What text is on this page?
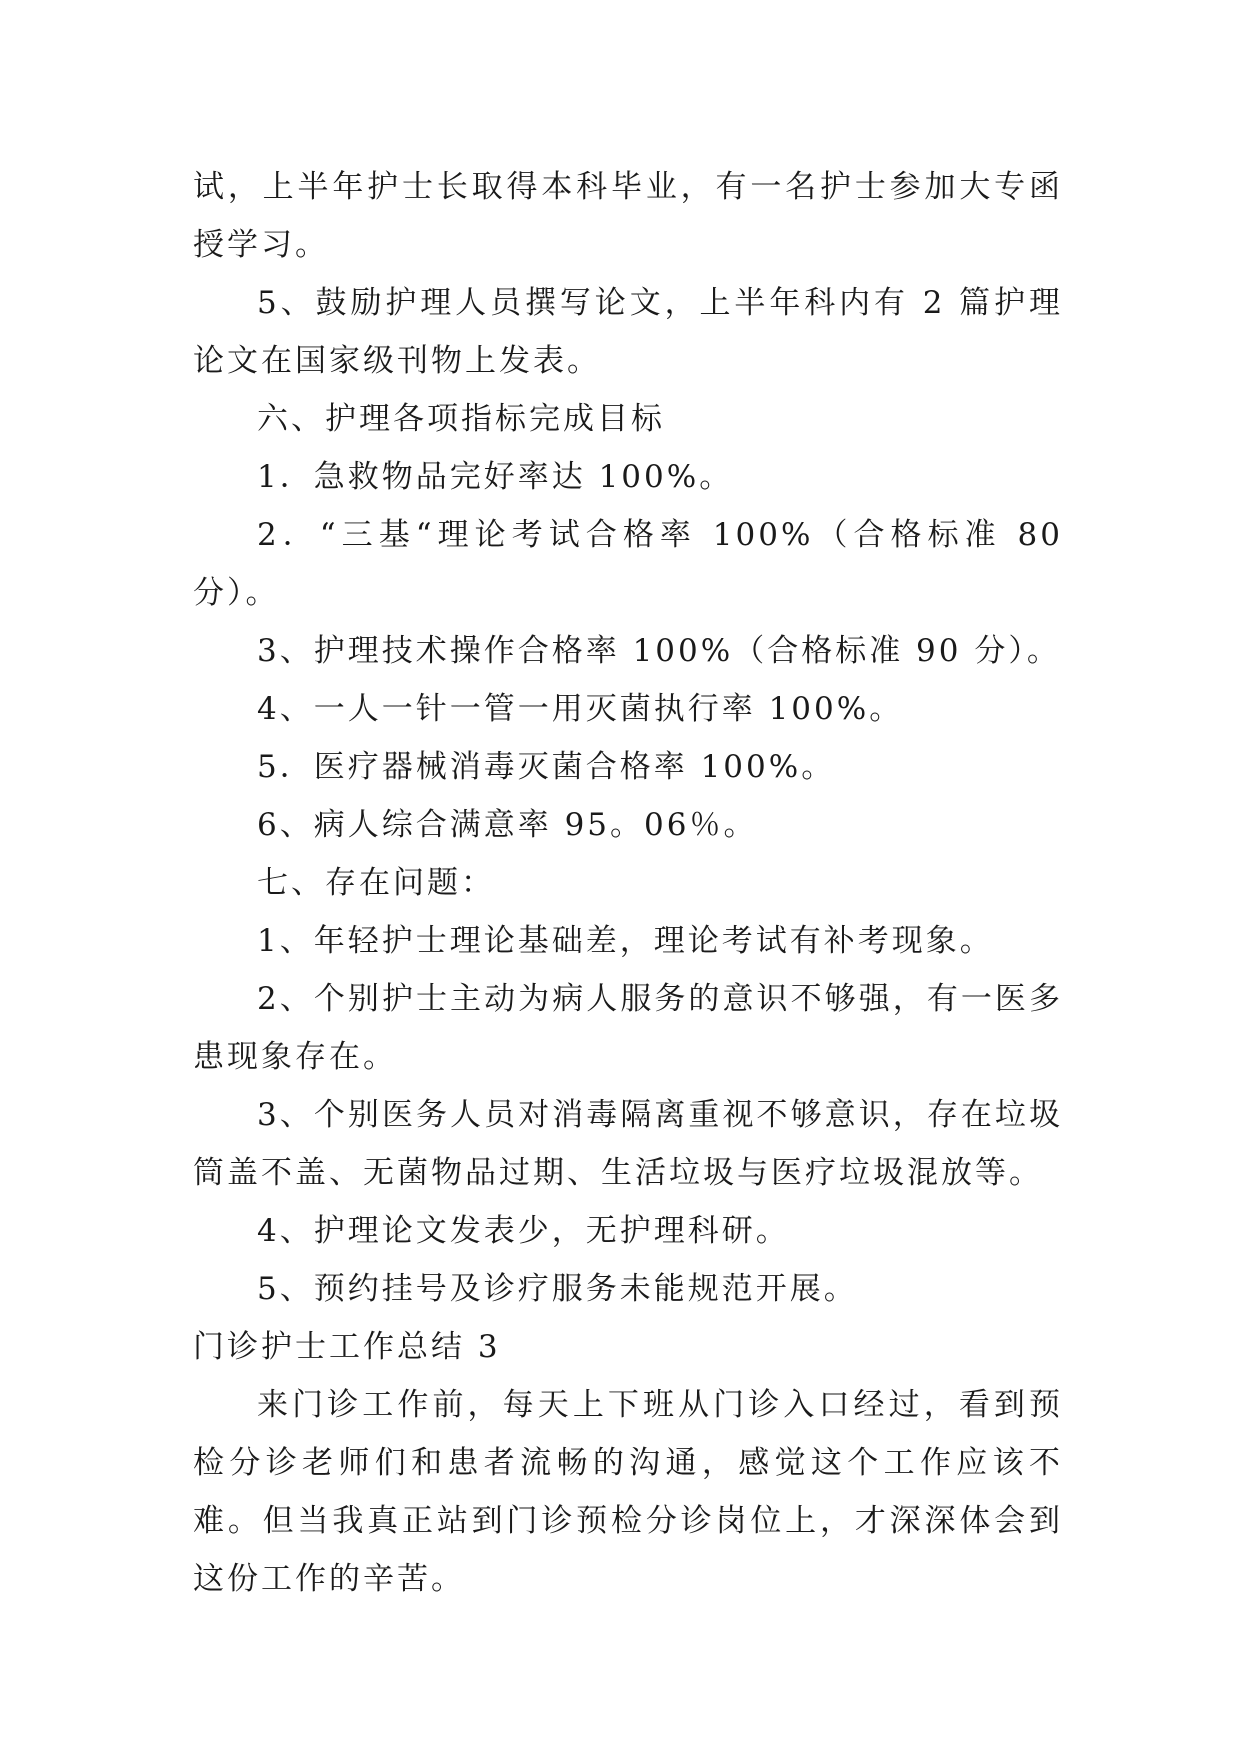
试，上半年护士长取得本科毕业，有一名护士参加大专函授学习。

5、鼓励护理人员撰写论文，上半年科内有 2 篇护理论文在国家级刊物上发表。

六、护理各项指标完成目标

1．急救物品完好率达 100%。

2．“三基“理论考试合格率 100%（合格标准 80 分）。

3、护理技术操作合格率 100%（合格标准 90 分）。

4、一人一针一管一用灭菌执行率 100%。

5．医疗器械消毒灭菌合格率 100%。

6、病人综合满意率 95。06％。

七、存在问题：

1、年轻护士理论基础差，理论考试有补考现象。

2、个别护士主动为病人服务的意识不够强，有一医多患现象存在。

3、个别医务人员对消毒隔离重视不够意识，存在垃圾筒盖不盖、无菌物品过期、生活垃圾与医疗垃圾混放等。

4、护理论文发表少，无护理科研。

5、预约挂号及诊疗服务未能规范开展。

门诊护士工作总结 3

来门诊工作前，每天上下班从门诊入口经过，看到预检分诊老师们和患者流畅的沟通，感觉这个工作应该不难。但当我真正站到门诊预检分诊岗位上，才深深体会到这份工作的辛苦。
